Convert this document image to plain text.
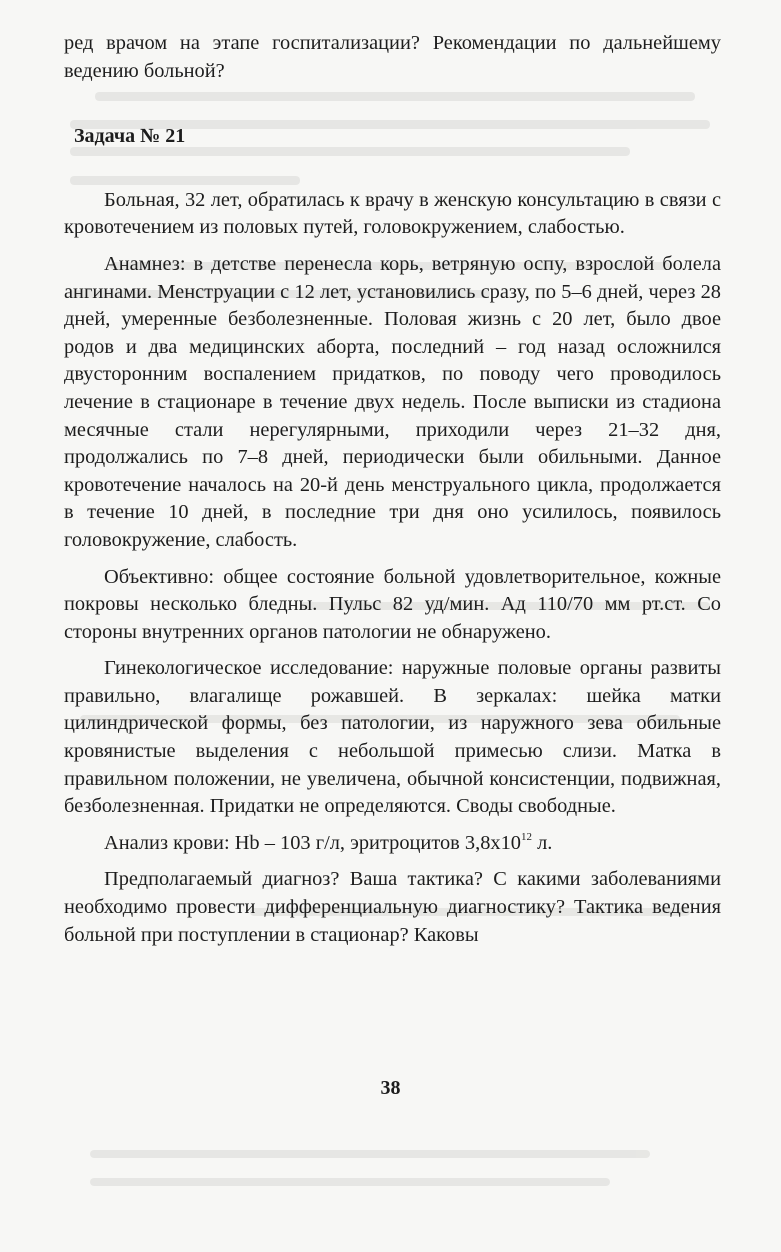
ред врачом на этапе госпитализации? Рекомендации по дальнейшему ведению больной?

Задача № 21

Больная, 32 лет, обратилась к врачу в женскую консультацию в связи с кровотечением из половых путей, головокружением, слабостью.

Анамнез: в детстве перенесла корь, ветряную оспу, взрослой болела ангинами. Менструации с 12 лет, установились сразу, по 5–6 дней, через 28 дней, умеренные безболезненные. Половая жизнь с 20 лет, было двое родов и два медицинских аборта, последний – год назад осложнился двусторонним воспалением придатков, по поводу чего проводилось лечение в стационаре в течение двух недель. После выписки из стадиона месячные стали нерегулярными, приходили через 21–32 дня, продолжались по 7–8 дней, периодически были обильными. Данное кровотечение началось на 20-й день менструального цикла, продолжается в течение 10 дней, в последние три дня оно усилилось, появилось головокружение, слабость.

Объективно: общее состояние больной удовлетворительное, кожные покровы несколько бледны. Пульс 82 уд/мин. Ад 110/70 мм рт.ст. Со стороны внутренних органов патологии не обнаружено.

Гинекологическое исследование: наружные половые органы развиты правильно, влагалище рожавшей. В зеркалах: шейка матки цилиндрической формы, без патологии, из наружного зева обильные кровянистые выделения с небольшой примесью слизи. Матка в правильном положении, не увеличена, обычной консистенции, подвижная, безболезненная. Придатки не определяются. Своды свободные.

Анализ крови: Hb – 103 г/л, эритроцитов $3,8x10^{12}$ л.

Предполагаемый диагноз? Ваша тактика? С какими заболеваниями необходимо провести дифференциальную диагностику? Тактика ведения больной при поступлении в стационар? Каковы

38
